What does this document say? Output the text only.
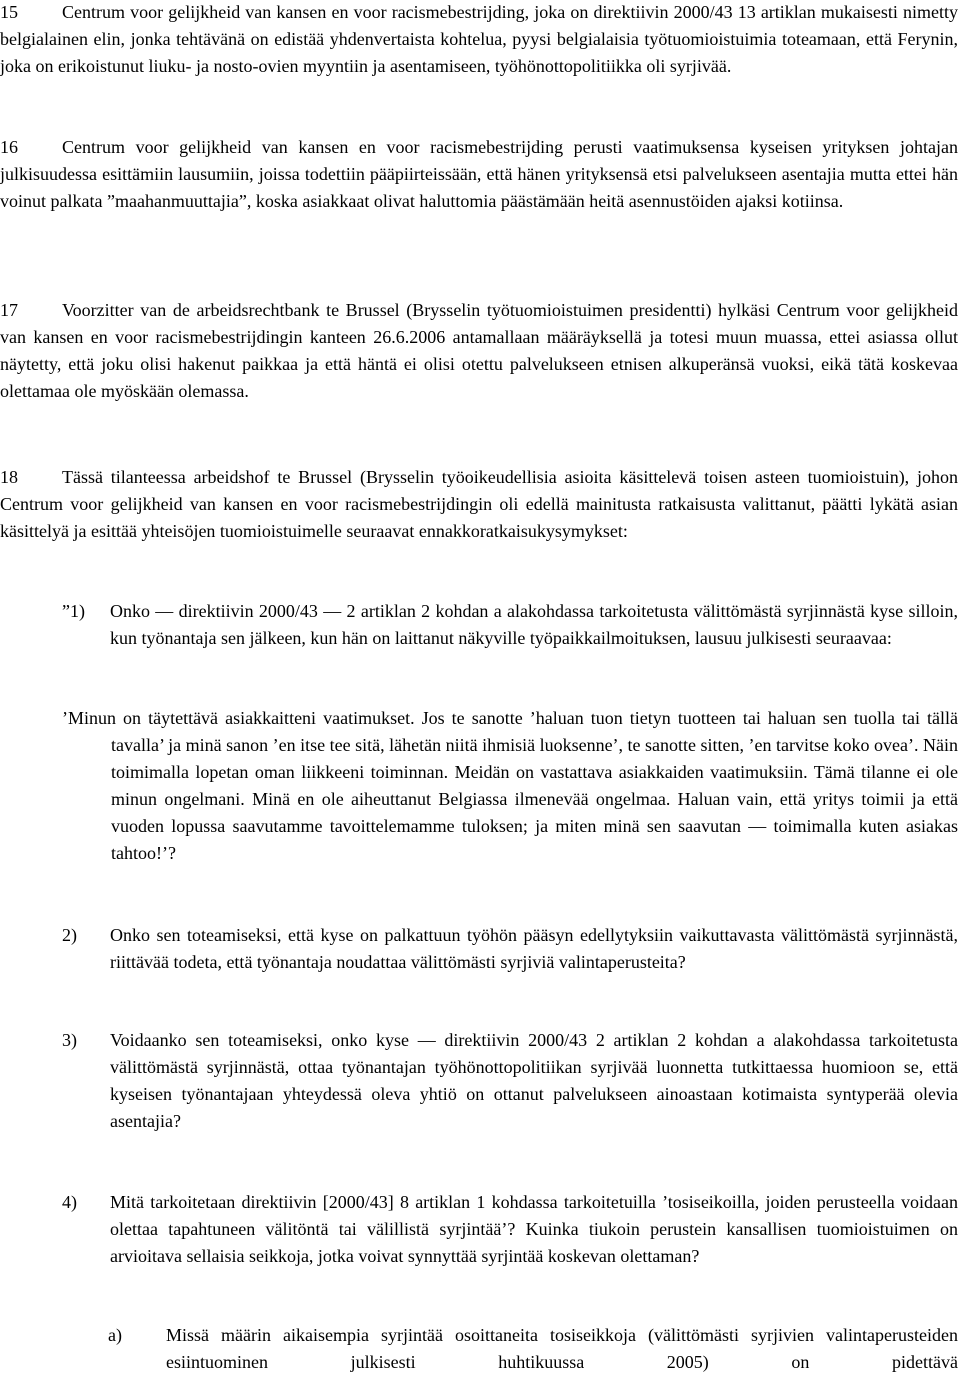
15	Centrum voor gelijkheid van kansen en voor racismebestrijding, joka on direktiivin 2000/43 13 artiklan mukaisesti nimetty belgialainen elin, jonka tehtävänä on edistää yhdenvertaista kohtelua, pyysi belgialaisia työtuomioistuimia toteamaan, että Ferynin, joka on erikoistunut liuku- ja nosto-ovien myyntiin ja asentamiseen, työhönottopolitiikka oli syrjivää.
16	Centrum voor gelijkheid van kansen en voor racismebestrijding perusti vaatimuksensa kyseisen yrityksen johtajan julkisuudessa esittämiin lausumiin, joissa todettiin pääpiirteissään, että hänen yrityksensä etsi palvelukseen asentajia mutta ettei hän voinut palkata ”maahanmuuttajia”, koska asiakkaat olivat haluttomia päästämään heitä asennustöiden ajaksi kotiinsa.
17	Voorzitter van de arbeidsrechtbank te Brussel (Brysselin työtuomioistuimen presidentti) hylkäsi Centrum voor gelijkheid van kansen en voor racismebestrijdingin kanteen 26.6.2006 antamallaan määräyksellä ja totesi muun muassa, ettei asiassa ollut näytetty, että joku olisi hakenut paikkaa ja että häntä ei olisi otettu palvelukseen etnisen alkuperänsä vuoksi, eikä tätä koskevaa olettamaa ole myöskään olemassa.
18	Tässä tilanteessa arbeidshof te Brussel (Brysselin työoikeudellisia asioita käsittelevä toisen asteen tuomioistuin), johon Centrum voor gelijkheid van kansen en voor racismebestrijdingin oli edellä mainitusta ratkaisusta valittanut, päätti lykätä asian käsittelyä ja esittää yhteisöjen tuomioistuimelle seuraavat ennakkoratkaisukysymykset:
”1)	Onko –– direktiivin 2000/43 –– 2 artiklan 2 kohdan a alakohdassa tarkoitetusta välittömästä syrjinnästä kyse silloin, kun työnantaja sen jälkeen, kun hän on laittanut näkyville työpaikkailmoituksen, lausuu julkisesti seuraavaa:
’Minun on täytettävä asiakkaitteni vaatimukset. Jos te sanotte ’haluan tuon tietyn tuotteen tai haluan sen tuolla tai tällä tavalla’ ja minä sanon ’en itse tee sitä, lähetän niitä ihmisiä luoksenne’, te sanotte sitten, ’en tarvitse koko ovea’. Näin toimimalla lopetan oman liikkeeni toiminnan. Meidän on vastattava asiakkaiden vaatimuksiin. Tämä tilanne ei ole minun ongelmani. Minä en ole aiheuttanut Belgiassa ilmenevää ongelmaa. Haluan vain, että yritys toimii ja että vuoden lopussa saavutamme tavoittelemamme tuloksen; ja miten minä sen saavutan –– toimimalla kuten asiakas tahtoo!’?
2)	Onko sen toteamiseksi, että kyse on palkattuun työhön pääsyn edellytyksiin vaikuttavasta välittömästä syrjinnästä, riittävää todeta, että työnantaja noudattaa välittömästi syrjiviä valintaperusteita?
3)	Voidaanko sen toteamiseksi, onko kyse –– direktiivin 2000/43 2 artiklan 2 kohdan a alakohdassa tarkoitetusta välittömästä syrjinnästä, ottaa työnantajan työhönottopolitiikan syrjivää luonnetta tutkittaessa huomioon se, että kyseisen työnantajaan yhteydessä oleva yhtiö on ottanut palvelukseen ainoastaan kotimaista syntyperää olevia asentajia?
4)	Mitä tarkoitetaan direktiivin [2000/43] 8 artiklan 1 kohdassa tarkoitetuilla ’tosiseikoilla, joiden perusteella voidaan olettaa tapahtuneen välitöntä tai välillistä syrjintää’? Kuinka tiukoin perustein kansallisen tuomioistuimen on arvioitava sellaisia seikkoja, jotka voivat synnyttää syrjintää koskevan olettaman?
a)	Missä määrin aikaisempia syrjintää osoittaneita tosiseikkoja (välittömästi syrjivien valintaperusteiden esiintuominen julkisesti huhtikuussa 2005) on pidettävä
